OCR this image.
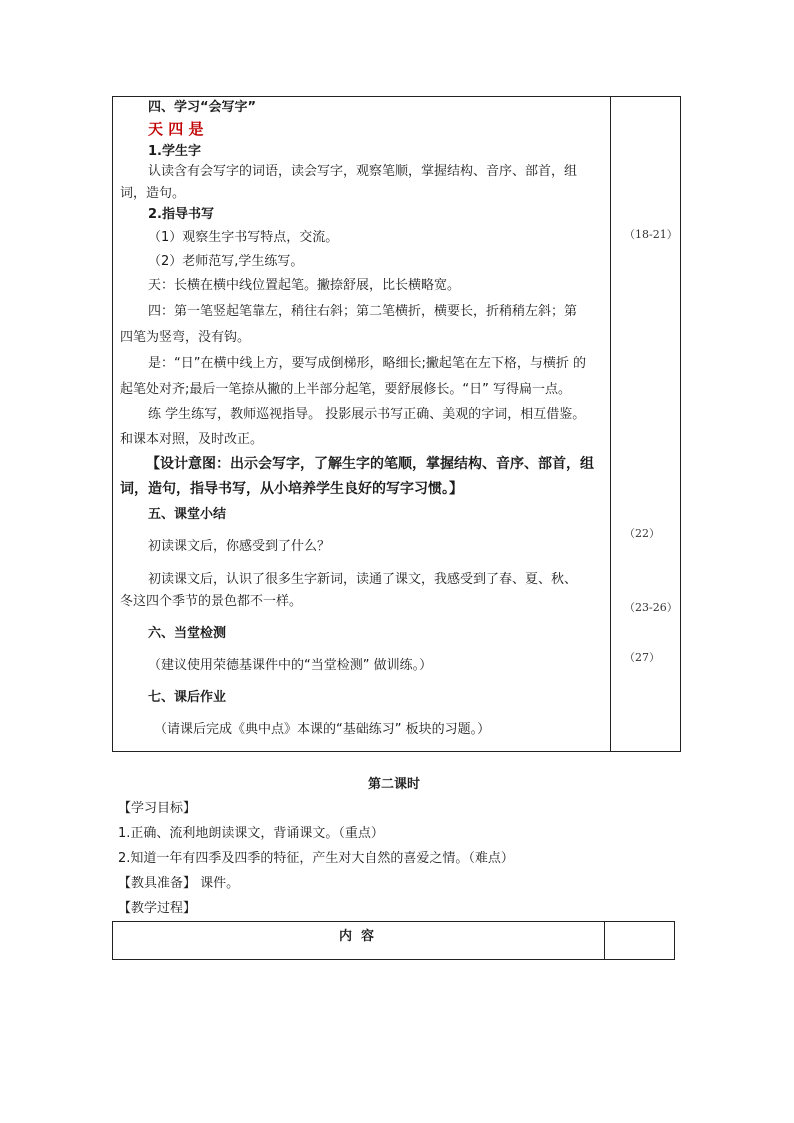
四、学习“会写字”
天 四 是
1.学生字
认读含有会写字的词语，读会写字，观察笔顺，掌握结构、音序、部首，组
词，造句。
2.指导书写
（1）观察生字书写特点，交流。
（2）老师范写,学生练写。
天：长横在横中线位置起笔。撇捺舒展，比长横略宽。
四：第一笔竖起笔靠左，稍往右斜；第二笔横折，横要长，折稍稍左斜；第
四笔为竖弯，没有钩。
是：“日”在横中线上方，要写成倒梯形，略细长;撇起笔在左下格，与横折 的
起笔处对齐;最后一笔捺从撇的上半部分起笔，要舒展修长。“日” 写得扁一点。
练 学生练写，教师巡视指导。 投影展示书写正确、美观的字词，相互借鉴。
和课本对照，及时改正。
【设计意图：出示会写字，了解生字的笔顺，掌握结构、音序、部首，组
词，造句，指导书写，从小培养学生良好的写字习惯。】
五、课堂小结
初读课文后，你感受到了什么？
初读课文后，认识了很多生字新词，读通了课文，我感受到了春、夏、秋、
冬这四个季节的景色都不一样。
六、当堂检测
（建议使用荣德基课件中的“当堂检测” 做训练。）
七、课后作业
（请课后完成《典中点》本课的“基础练习” 板块的习题。）
（18-21）
（22）
（23-26）
（27）
第二课时
【学习目标】
1.正确、流利地朗读课文，背诵课文。（重点）
2.知道一年有四季及四季的特征，产生对大自然的喜爱之情。（难点）
【教具准备】 课件。
【教学过程】
内  容
